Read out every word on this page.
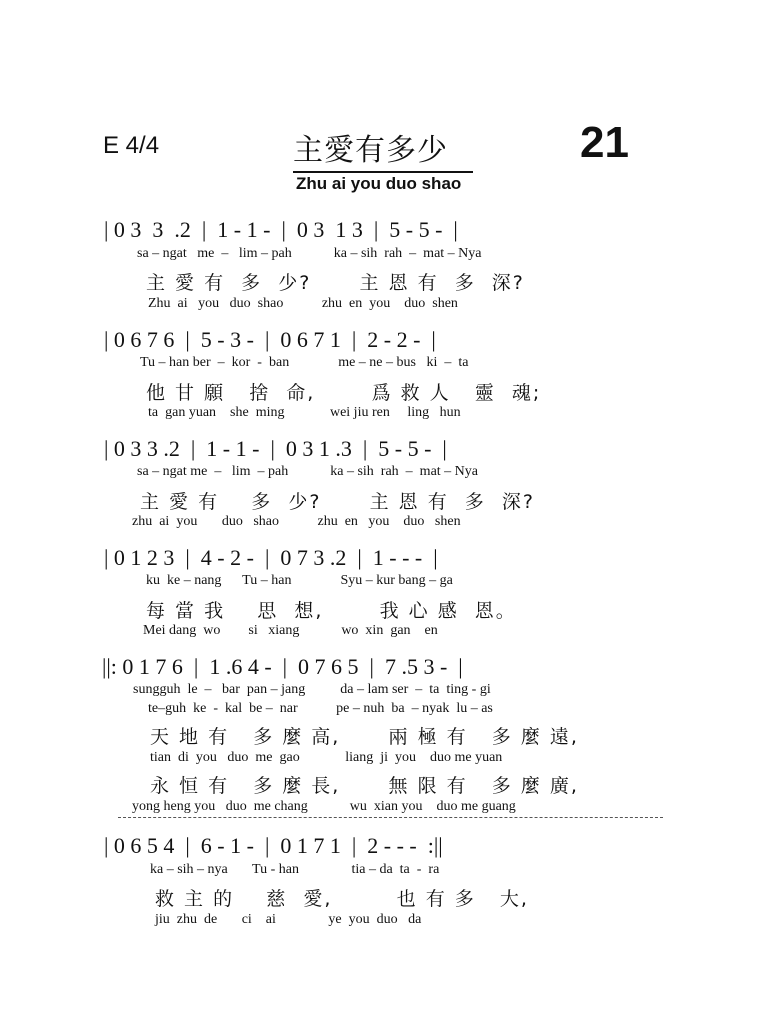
E 4/4	主愛有多少	21
Zhu ai you duo shao
| 0 3  3  .2  |  1 - 1 -  |  0 3  1 3  |  5 - 5 -  |
sa – ngat   me  –   lim – pah            ka – sih  rah  –  mat – Nya
主 愛 有  多  少?      主 恩 有  多  深?
Zhu  ai   you   duo  shao           zhu  en  you    duo  shen
| 0 6 7 6  |  5 - 3 -  |  0 6 7 1  |  2 - 2 -  |
Tu – han ber  –  kor  -  ban              me – ne – bus   ki  –  ta
他 甘 願   捨  命,       爲 救 人   靈  魂;
ta  gan yuan    she  ming             wei jiu ren     ling   hun
| 0 3 3 .2  |  1 - 1 -  |  0 3 1 .3  |  5 - 5 -  |
sa – ngat me  –   lim  – pah            ka – sih  rah  –  mat – Nya
主 愛 有    多  少?      主 恩 有  多  深?
zhu  ai  you       duo   shao           zhu  en   you    duo   shen
| 0 1 2 3  |  4 - 2 -  |  0 7 3 .2  |  1 - - -  |
ku  ke – nang      Tu – han              Syu – kur bang – ga
每 當 我    思  想,       我 心 感  恩。
Mei dang  wo        si   xiang            wo  xin  gan    en
||: 0 1 7 6  |  1 .6 4 -  |  0 7 6 5  |  7 .5 3 -  |
sungguh  le  –   bar  pan – jang          da – lam ser  –  ta  ting - gi
te–guh  ke  -  kal  be –  nar           pe – nuh  ba  – nyak  lu – as
天 地 有   多 麼 高,      兩 極 有   多 麼 遠,
tian  di  you   duo  me  gao             liang  ji  you    duo me yuan
永 恒 有   多 麼 長,      無 限 有   多 麼 廣,
yong heng you   duo  me chang            wu  xian you    duo me guang
| 0 6 5 4  |  6 - 1 -  |  0 1 7 1  |  2 - - -  :||
ka – sih – nya       Tu - han               tia – da  ta  -  ra
救 主 的    慈  愛,        也 有 多   大,
jiu  zhu  de       ci    ai               ye  you  duo   da
